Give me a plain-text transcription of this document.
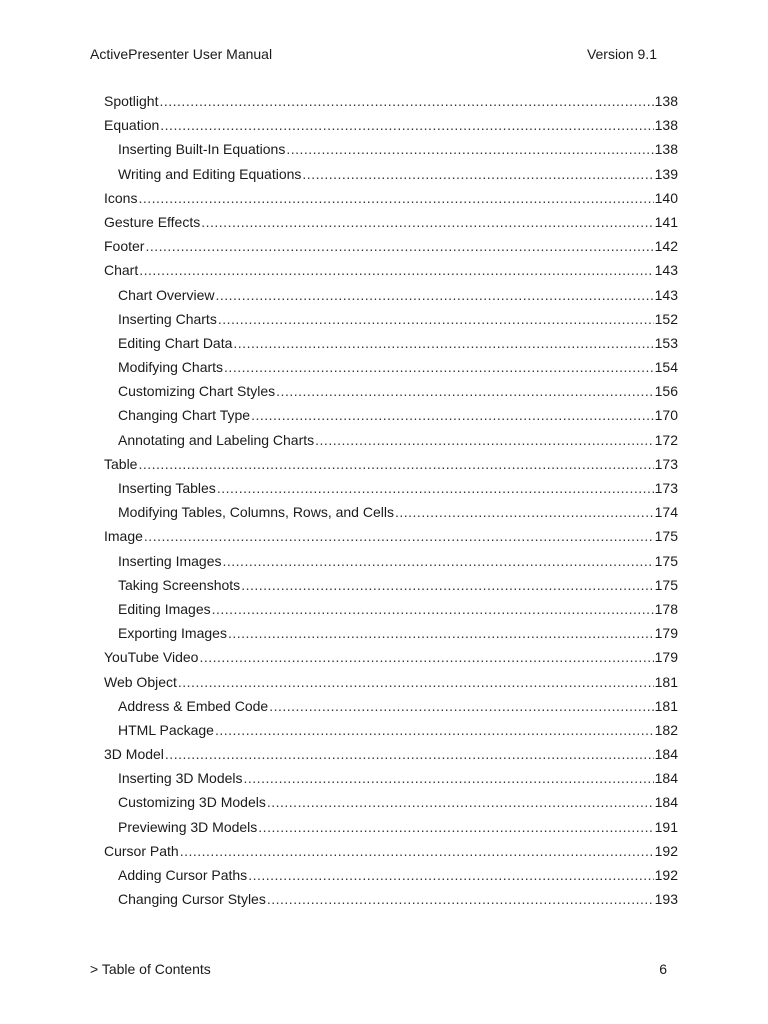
ActivePresenter User Manual	Version 9.1
Spotlight .....	138
Equation .....	138
Inserting Built-In Equations .....	138
Writing and Editing Equations .....	139
Icons .....	140
Gesture Effects .....	141
Footer .....	142
Chart .....	143
Chart Overview .....	143
Inserting Charts .....	152
Editing Chart Data .....	153
Modifying Charts .....	154
Customizing Chart Styles .....	156
Changing Chart Type .....	170
Annotating and Labeling Charts .....	172
Table .....	173
Inserting Tables .....	173
Modifying Tables, Columns, Rows, and Cells .....	174
Image .....	175
Inserting Images .....	175
Taking Screenshots .....	175
Editing Images .....	178
Exporting Images .....	179
YouTube Video .....	179
Web Object .....	181
Address & Embed Code .....	181
HTML Package .....	182
3D Model .....	184
Inserting 3D Models .....	184
Customizing 3D Models .....	184
Previewing 3D Models .....	191
Cursor Path .....	192
Adding Cursor Paths .....	192
Changing Cursor Styles .....	193
> Table of Contents	6
